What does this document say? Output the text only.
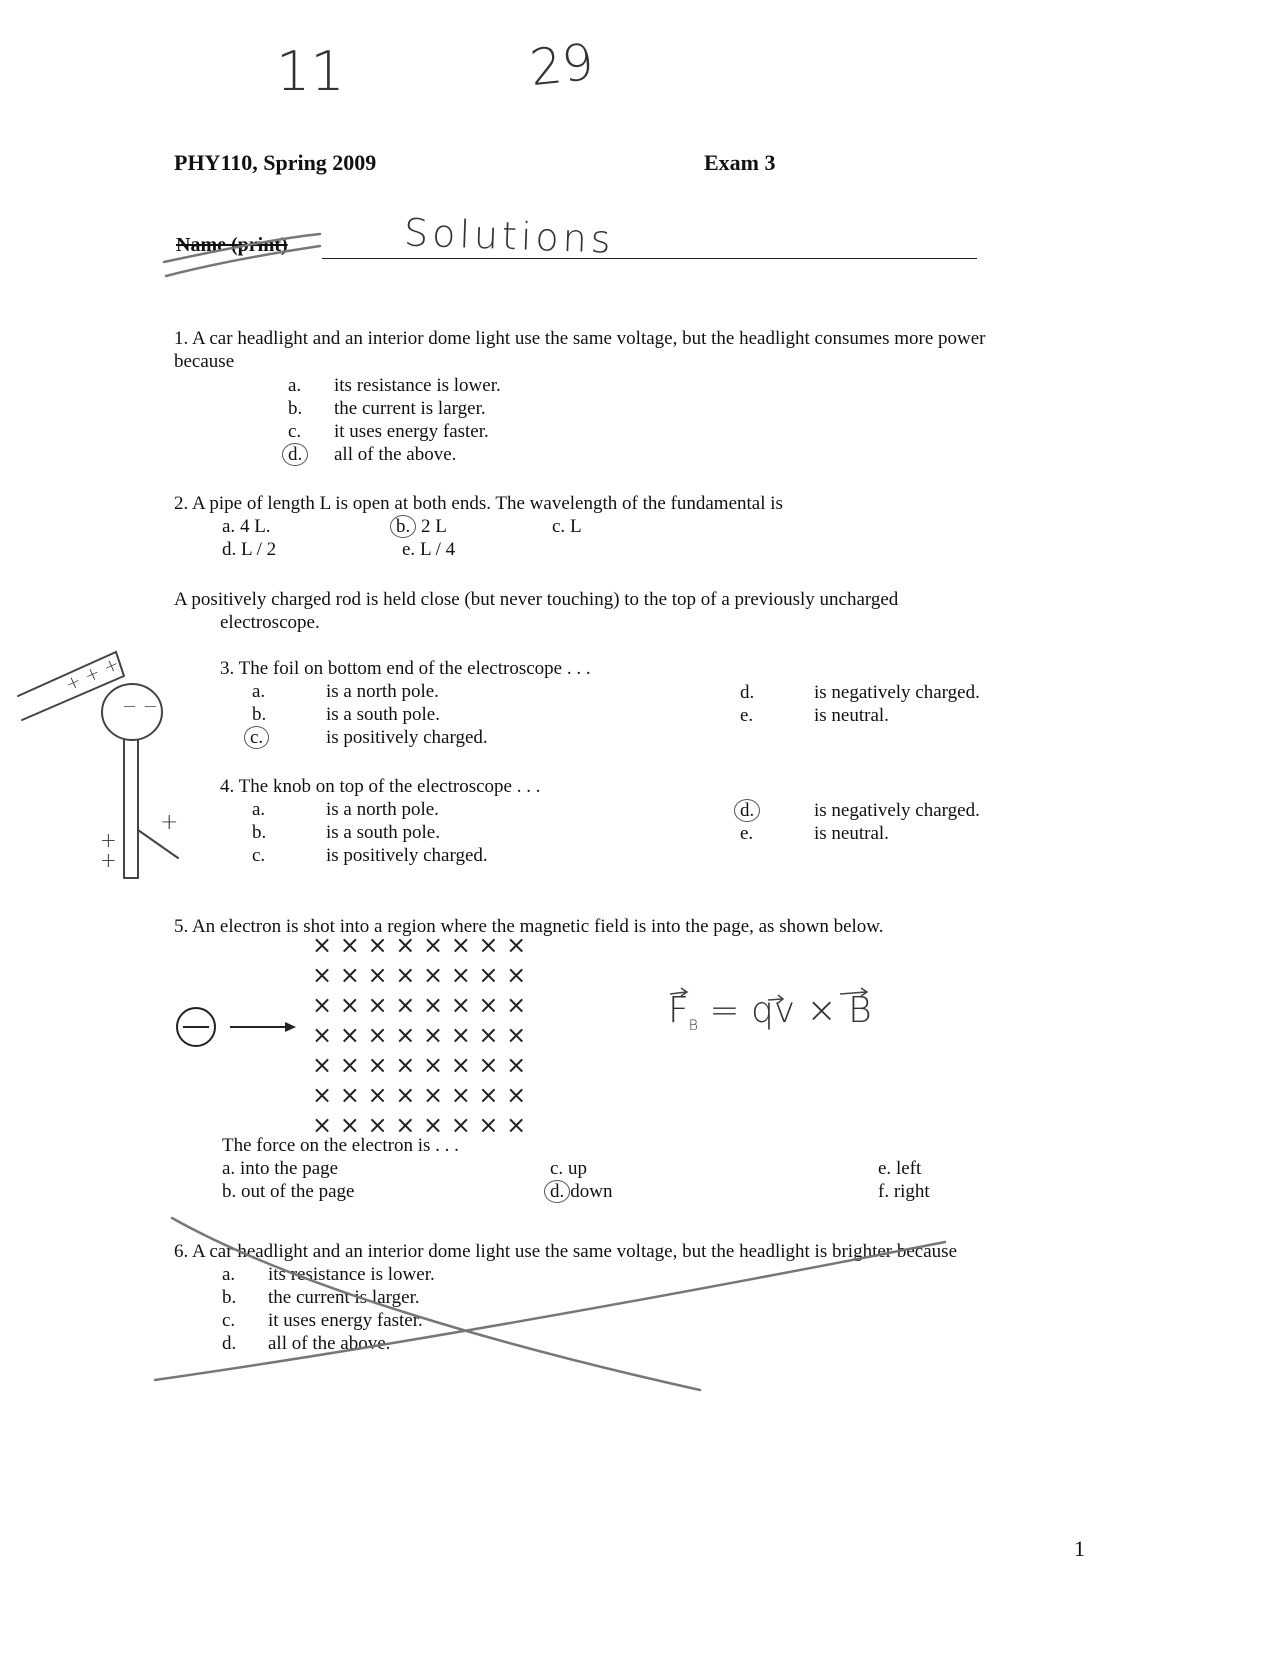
11	29
PHY110, Spring 2009	Exam 3
Name (print)	Solutions
1. A car headlight and an interior dome light use the same voltage, but the headlight consumes more power
because
a. its resistance is lower.
b. the current is larger.
c. it uses energy faster.
d.	all of the above.
2. A pipe of length L is open at both ends. The wavelength of the fundamental is
a. 4 L.	b. 2 L	c. L
d. L / 2	e. L / 4
A positively charged rod is held close (but never touching) to the top of a previously uncharged
electroscope.
3. The foil on bottom end of the electroscope . . .
a.	is a north pole.
b.	is a south pole.
c.	is positively charged.
d.	is negatively charged.
e.	is neutral.
4. The knob on top of the electroscope . . .
a.	is a north pole.
b.	is a south pole.
c.	is positively charged.
d.	is negatively charged.
e.	is neutral.
5. An electron is shot into a region where the magnetic field is into the page, as shown below.
× × × × × × × ×
× × × × × × × ×
× × × × × × × ×
× × × × × × × ×
× × × × × × × ×
× × × × × × × ×
× × × × × × × ×
The force on the electron is . . .
a. into the page
b. out of the page
c. up
d. down
e. left
f. right
$F_B$ = qv × B
6. A car headlight and an interior dome light use the same voltage, but the headlight is brighter because
a. its resistance is lower.
b. the current is larger.
c. it uses energy faster.
d. all of the above.
+ + +
− −
+
+ +
1
